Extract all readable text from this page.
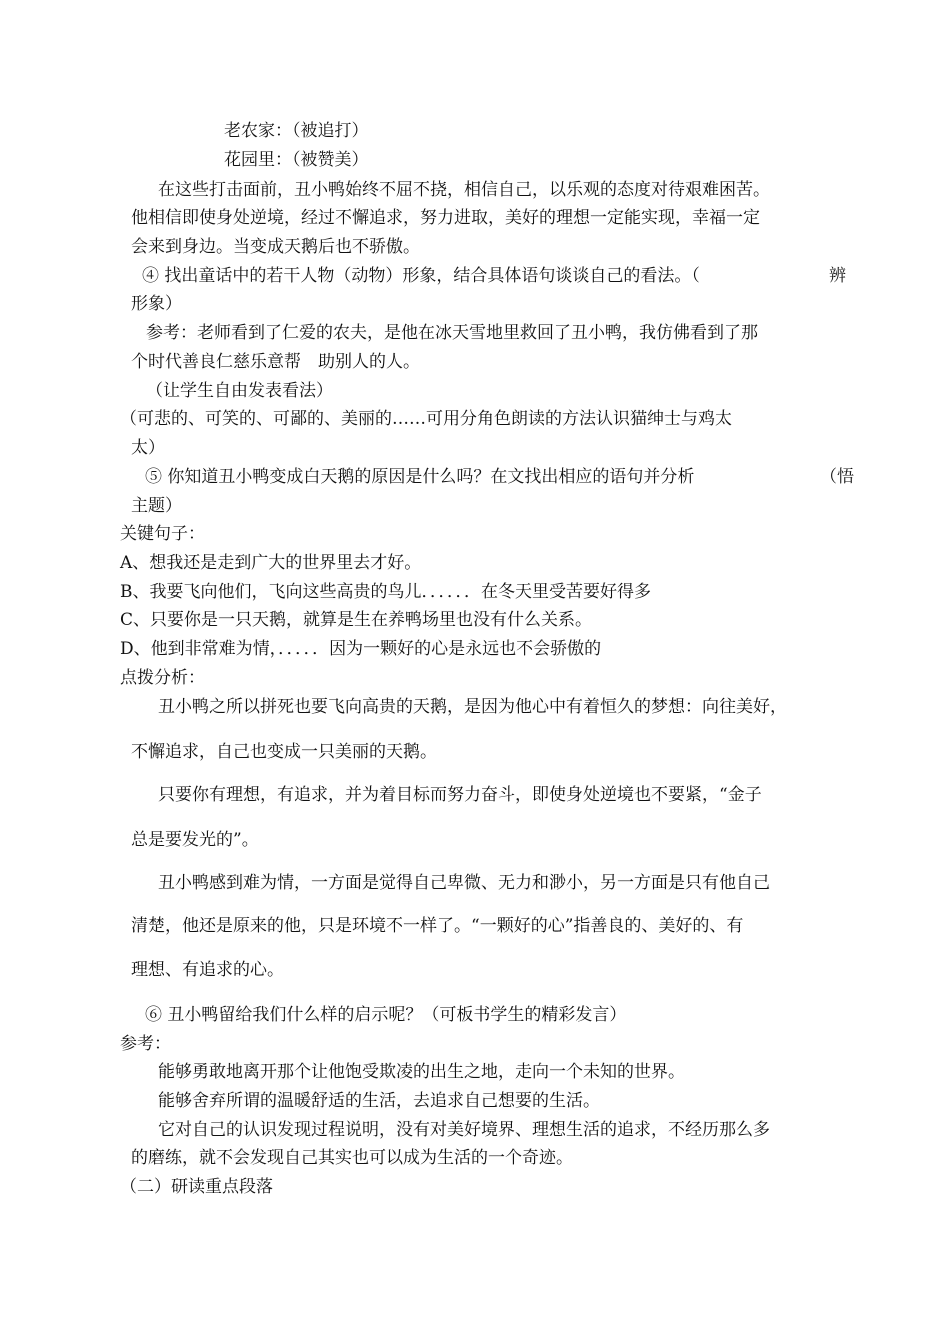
老农家：（被追打）
花园里：（被赞美）
在这些打击面前，丑小鸭始终不屈不挠，相信自己，以乐观的态度对待艰难困苦。
他相信即使身处逆境，经过不懈追求，努力进取，美好的理想一定能实现，幸福一定
会来到身边。当变成天鹅后也不骄傲。
④ 找出童话中的若干人物（动物）形象，结合具体语句谈谈自己的看法。（	辨
形象）
参考：老师看到了仁爱的农夫，是他在冰天雪地里救回了丑小鸭，我仿佛看到了那
个时代善良仁慈乐意帮　助别人的人。
（让学生自由发表看法）
（可悲的、可笑的、可鄙的、美丽的……可用分角色朗读的方法认识猫绅士与鸡太
太）
⑤ 你知道丑小鸭变成白天鹅的原因是什么吗？在文找出相应的语句并分析	（悟
主题）
关键句子：
A、想我还是走到广大的世界里去才好。
B、我要飞向他们，飞向这些高贵的鸟儿．．．．．．在冬天里受苦要好得多
C、只要你是一只天鹅，就算是生在养鸭场里也没有什么关系。
D、他到非常难为情，．．．．．因为一颗好的心是永远也不会骄傲的
点拨分析：
丑小鸭之所以拼死也要飞向高贵的天鹅，是因为他心中有着恒久的梦想：向往美好，
不懈追求，自己也变成一只美丽的天鹅。
只要你有理想，有追求，并为着目标而努力奋斗，即使身处逆境也不要紧，“金子
总是要发光的”。
丑小鸭感到难为情，一方面是觉得自己卑微、无力和渺小，另一方面是只有他自己
清楚，他还是原来的他，只是环境不一样了。“一颗好的心”指善良的、美好的、有
理想、有追求的心。
⑥ 丑小鸭留给我们什么样的启示呢？（可板书学生的精彩发言）
参考：
能够勇敢地离开那个让他饱受欺凌的出生之地，走向一个未知的世界。
能够舍弃所谓的温暖舒适的生活，去追求自己想要的生活。
它对自己的认识发现过程说明，没有对美好境界、理想生活的追求，不经历那么多
的磨练，就不会发现自己其实也可以成为生活的一个奇迹。
（二）研读重点段落
